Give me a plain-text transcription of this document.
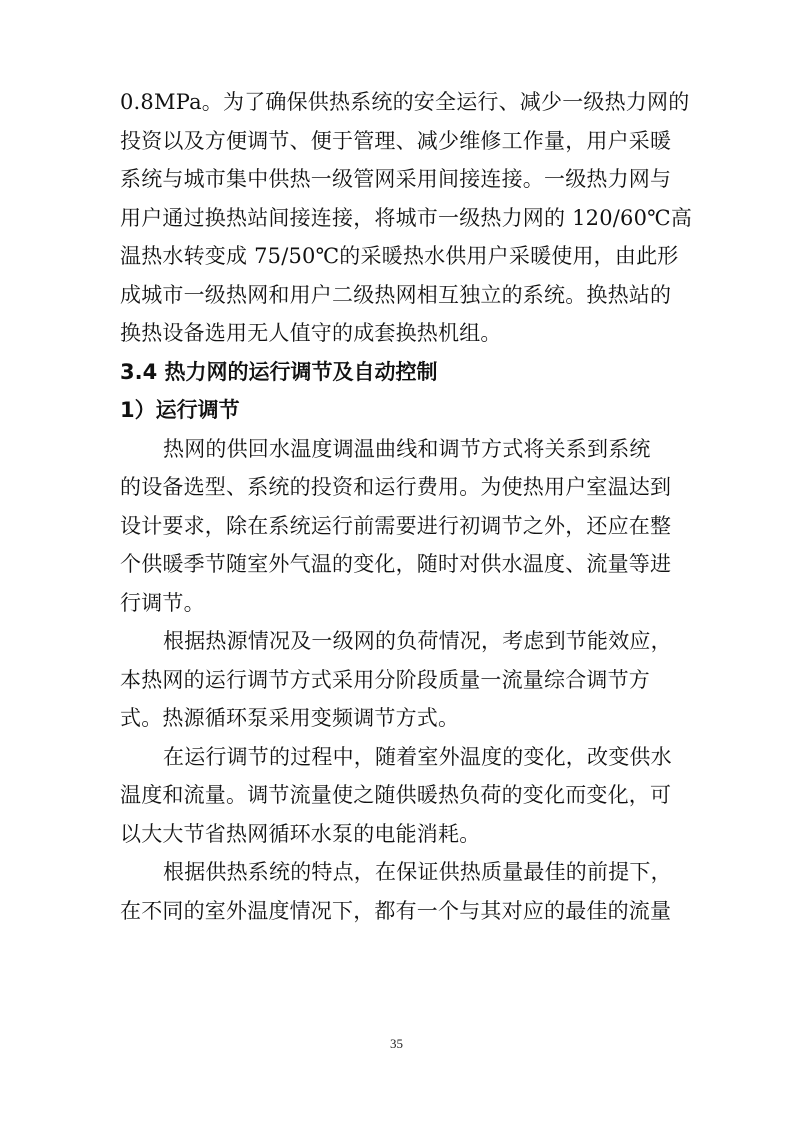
0.8MPa。为了确保供热系统的安全运行、减少一级热力网的
投资以及方便调节、便于管理、减少维修工作量，用户采暖
系统与城市集中供热一级管网采用间接连接。一级热力网与
用户通过换热站间接连接，将城市一级热力网的 120/60℃高
温热水转变成 75/50℃的采暖热水供用户采暖使用，由此形
成城市一级热网和用户二级热网相互独立的系统。换热站的
换热设备选用无人值守的成套换热机组。
3.4 热力网的运行调节及自动控制
1）运行调节
热网的供回水温度调温曲线和调节方式将关系到系统
的设备选型、系统的投资和运行费用。为使热用户室温达到
设计要求，除在系统运行前需要进行初调节之外，还应在整
个供暖季节随室外气温的变化，随时对供水温度、流量等进
行调节。
根据热源情况及一级网的负荷情况，考虑到节能效应，
本热网的运行调节方式采用分阶段质量一流量综合调节方
式。热源循环泵采用变频调节方式。
在运行调节的过程中，随着室外温度的变化，改变供水
温度和流量。调节流量使之随供暖热负荷的变化而变化，可
以大大节省热网循环水泵的电能消耗。
根据供热系统的特点，在保证供热质量最佳的前提下，
在不同的室外温度情况下，都有一个与其对应的最佳的流量
35
